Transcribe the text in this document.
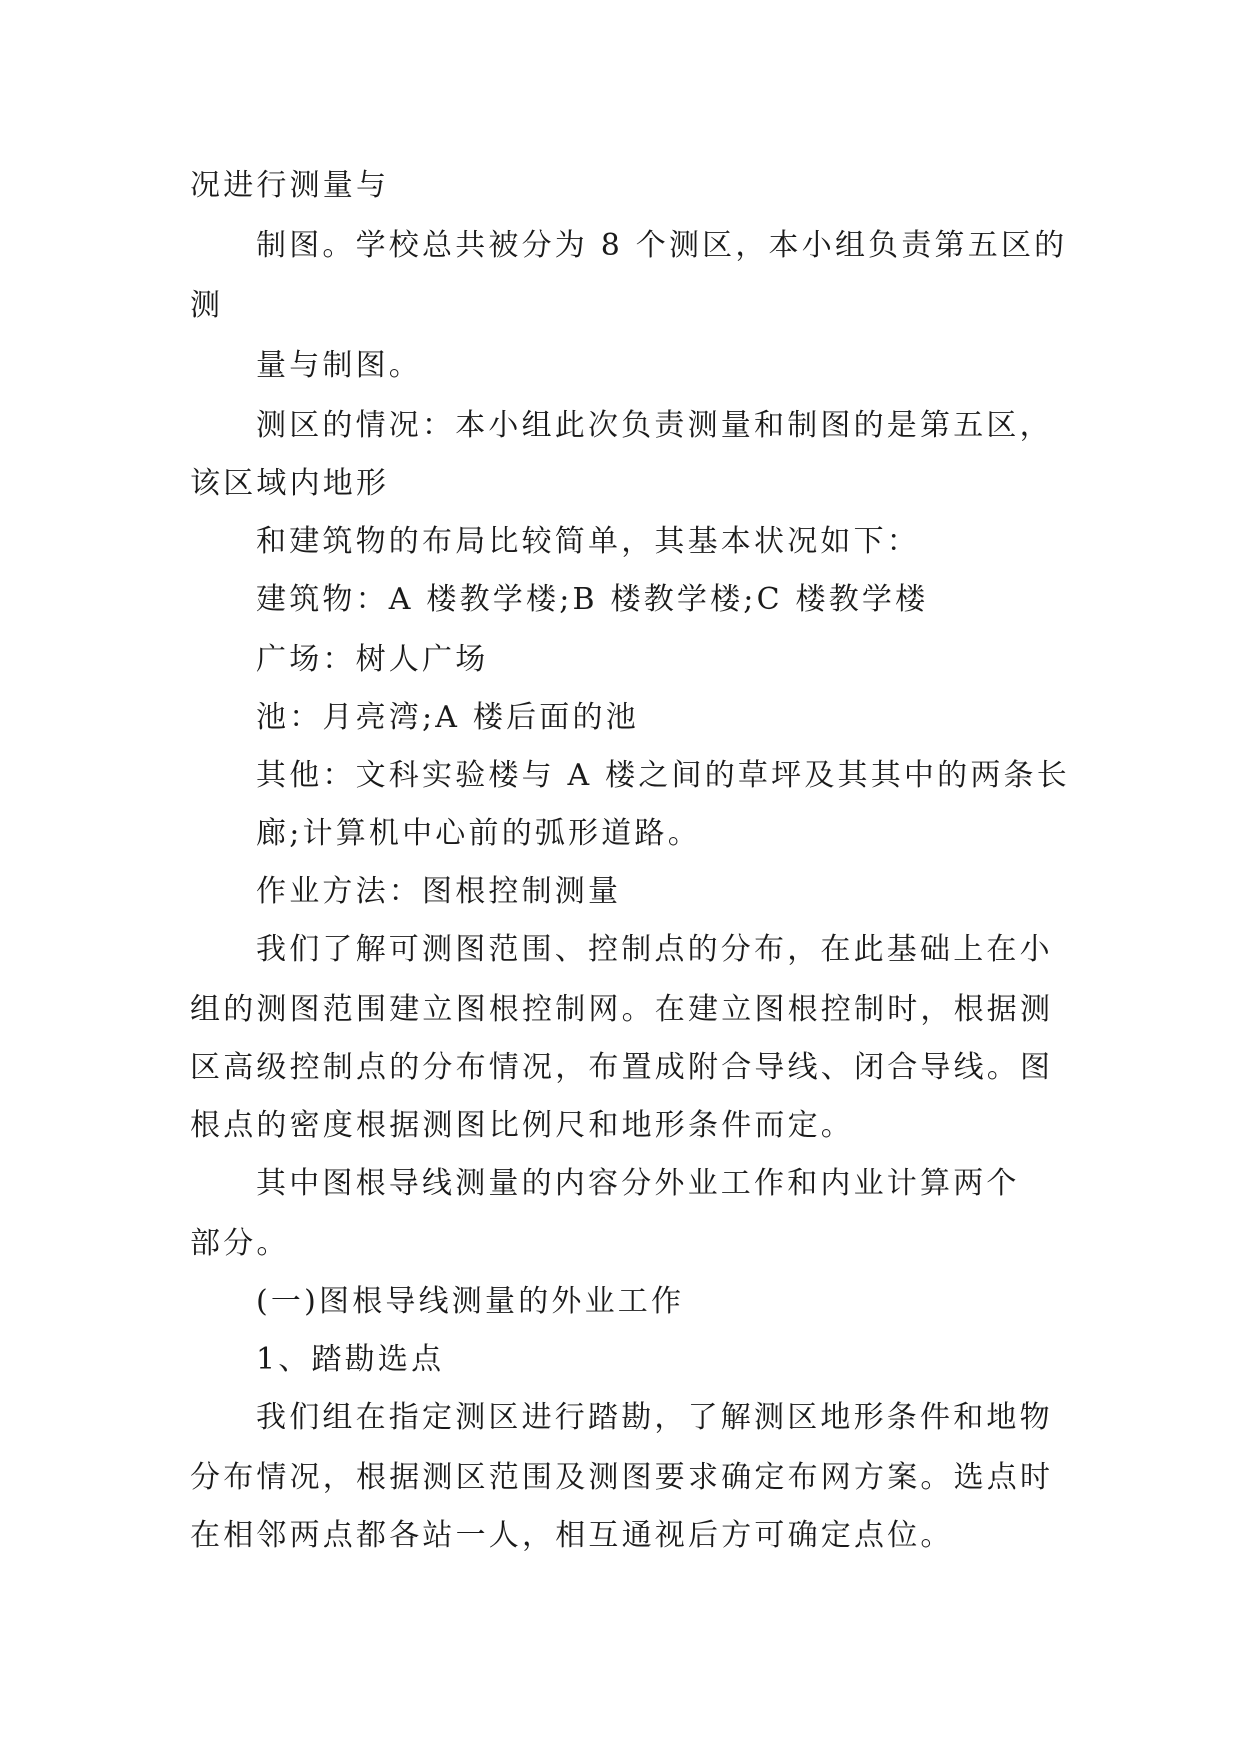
况进行测量与
制图。学校总共被分为 8 个测区，本小组负责第五区的
测
量与制图。
测区的情况：本小组此次负责测量和制图的是第五区，
该区域内地形
和建筑物的布局比较简单，其基本状况如下：
建筑物：A 楼教学楼;B 楼教学楼;C 楼教学楼
广场：树人广场
池：月亮湾;A 楼后面的池
其他：文科实验楼与 A 楼之间的草坪及其其中的两条长
廊;计算机中心前的弧形道路。
作业方法：图根控制测量
我们了解可测图范围、控制点的分布，在此基础上在小
组的测图范围建立图根控制网。在建立图根控制时，根据测
区高级控制点的分布情况，布置成附合导线、闭合导线。图
根点的密度根据测图比例尺和地形条件而定。
其中图根导线测量的内容分外业工作和内业计算两个
部分。
(一)图根导线测量的外业工作
1、踏勘选点
我们组在指定测区进行踏勘，了解测区地形条件和地物
分布情况，根据测区范围及测图要求确定布网方案。选点时
在相邻两点都各站一人，相互通视后方可确定点位。
